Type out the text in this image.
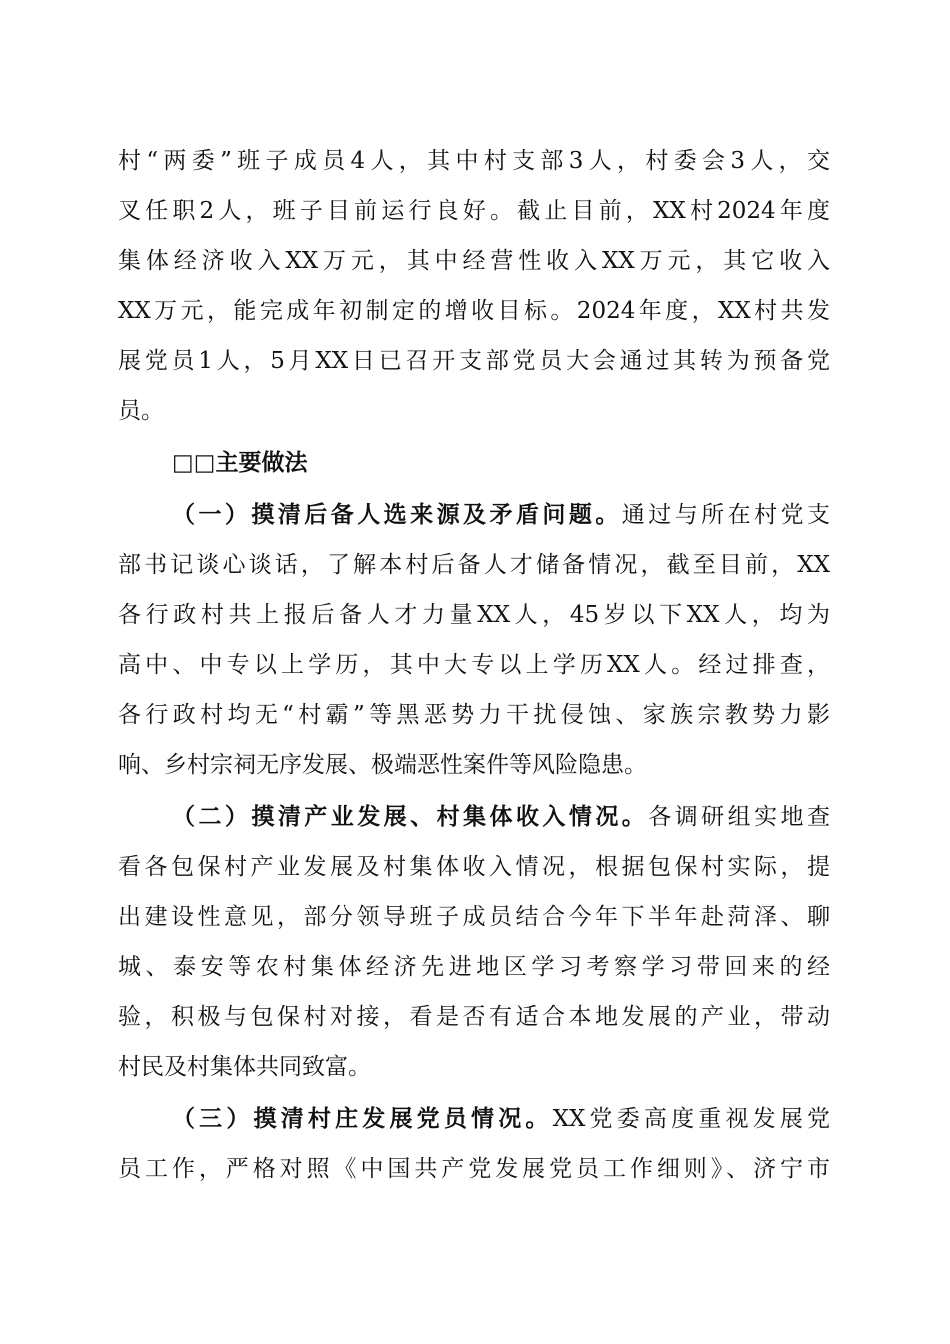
村“两委”班子成员4人，其中村支部3人，村委会3人，交
叉任职2人，班子目前运行良好。截止目前，XX村2024年度
集体经济收入XX万元，其中经营性收入XX万元，其它收入
XX万元，能完成年初制定的增收目标。2024年度，XX村共发
展党员1人，5月XX日已召开支部党员大会通过其转为预备党
员。
□□主要做法
（一）摸清后备人选来源及矛盾问题。通过与所在村党支
部书记谈心谈话，了解本村后备人才储备情况，截至目前，XX
各行政村共上报后备人才力量XX人，45岁以下XX人，均为
高中、中专以上学历，其中大专以上学历XX人。经过排查，
各行政村均无“村霸”等黑恶势力干扰侵蚀、家族宗教势力影
响、乡村宗祠无序发展、极端恶性案件等风险隐患。
（二）摸清产业发展、村集体收入情况。各调研组实地查
看各包保村产业发展及村集体收入情况，根据包保村实际，提
出建设性意见，部分领导班子成员结合今年下半年赴菏泽、聊
城、泰安等农村集体经济先进地区学习考察学习带回来的经
验，积极与包保村对接，看是否有适合本地发展的产业，带动
村民及村集体共同致富。
（三）摸清村庄发展党员情况。XX党委高度重视发展党
员工作，严格对照《中国共产党发展党员工作细则》、济宁市
